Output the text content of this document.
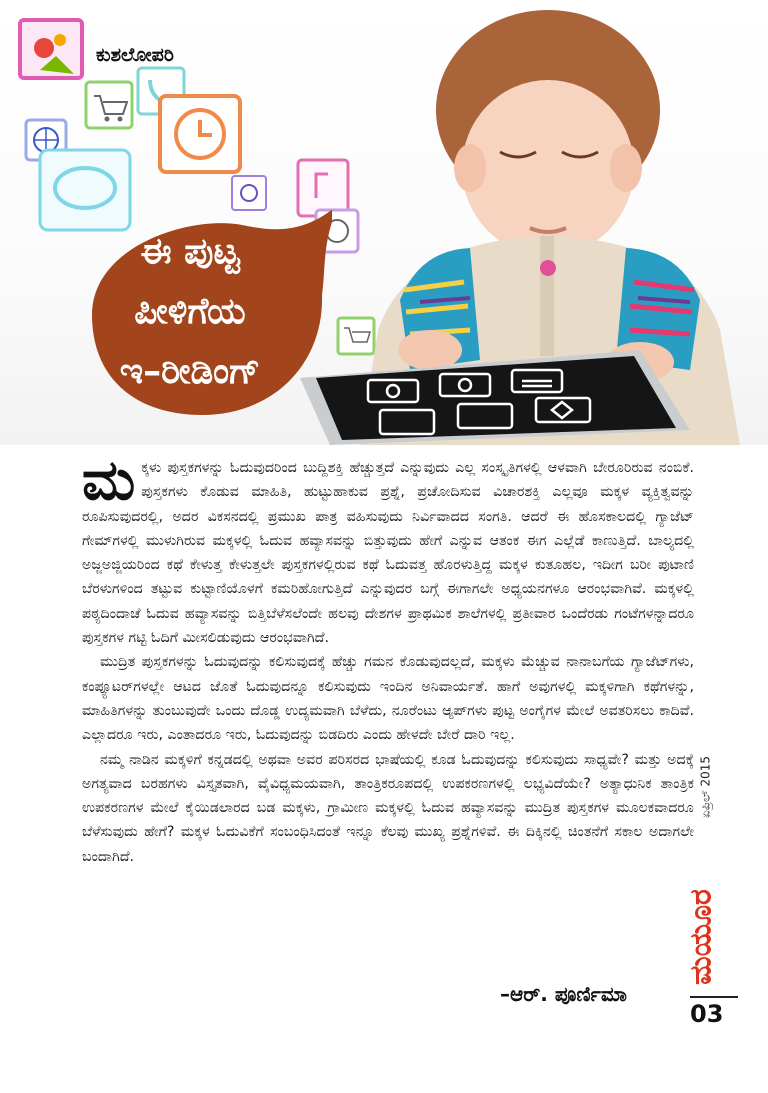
ಕುಶಲೋಪರಿ
ಈ ಪುಟ್ಟ
ಪೀಳಿಗೆಯ
ಇ–ರೀಡಿಂಗ್

ಮಕ್ಕಳು ಪುಸ್ತಕಗಳನ್ನು ಓದುವುದರಿಂದ ಬುದ್ದಿಶಕ್ತಿ ಹೆಚ್ಚುತ್ತದೆ ಎನ್ನುವುದು ಎಲ್ಲ ಸಂಸ್ಕೃತಿಗಳಲ್ಲಿ ಆಳವಾಗಿ ಬೇರೂರಿರುವ ನಂಬಿಕೆ. ಪುಸ್ತಕಗಳು ಕೊಡುವ ಮಾಹಿತಿ, ಹುಟ್ಟುಹಾಕುವ ಪ್ರಶ್ನೆ, ಪ್ರಚೋದಿಸುವ ವಿಚಾರಶಕ್ತಿ ಎಲ್ಲವೂ ಮಕ್ಕಳ ವ್ಯಕ್ತಿತ್ವವನ್ನು ರೂಪಿಸುವುದರಲ್ಲಿ, ಅದರ ವಿಕಸನದಲ್ಲಿ ಪ್ರಮುಖ ಪಾತ್ರ ವಹಿಸುವುದು ನಿರ್ವಿವಾದದ ಸಂಗತಿ. ಆದರೆ ಈ ಹೊಸಕಾಲದಲ್ಲಿ ಗ್ಯಾಜೆಟ್ ಗೇಮ್‌ಗಳಲ್ಲಿ ಮುಳುಗಿರುವ ಮಕ್ಕಳಲ್ಲಿ ಓದುವ ಹವ್ಯಾಸವನ್ನು ಬಿತ್ತುವುದು ಹೇಗೆ ಎನ್ನುವ ಆತಂಕ ಈಗ ಎಲ್ಲೆಡೆ ಕಾಣುತ್ತಿದೆ. ಬಾಲ್ಯದಲ್ಲಿ ಅಜ್ಜಅಜ್ಜಿಯರಿಂದ ಕಥೆ ಕೇಳುತ್ತ ಕೇಳುತ್ತಲೇ ಪುಸ್ತಕಗಳಲ್ಲಿರುವ ಕಥೆ ಓದುವತ್ತ ಹೊರಳುತ್ತಿದ್ದ ಮಕ್ಕಳ ಕುತೂಹಲ, ಇದೀಗ ಬರೀ ಪುಟಾಣಿ ಬೆರಳುಗಳಿಂದ ತಟ್ಟುವ ಕುಟ್ಟಾಣಿಯೊಳಗೆ ಕಮರಿಹೋಗುತ್ತಿದೆ ಎನ್ನುವುದರ ಬಗ್ಗೆ ಈಗಾಗಲೇ ಅಧ್ಯಯನಗಳೂ ಆರಂಭವಾಗಿವೆ. ಮಕ್ಕಳಲ್ಲಿ ಪಠ್ಯದಿಂದಾಚೆ ಓದುವ ಹವ್ಯಾಸವನ್ನು ಬಿತ್ತಿಬೆಳೆಸಲೆಂದೇ ಹಲವು ದೇಶಗಳ ಪ್ರಾಥಮಿಕ ಶಾಲೆಗಳಲ್ಲಿ ಪ್ರತೀವಾರ ಒಂದೆರಡು ಗಂಟೆಗಳನ್ನಾದರೂ ಪುಸ್ತಕಗಳ ಗಟ್ಟಿ ಓದಿಗೆ ಮೀಸಲಿಡುವುದು ಆರಂಭವಾಗಿದೆ.

ಮುದ್ರಿತ ಪುಸ್ತಕಗಳನ್ನು ಓದುವುದನ್ನು ಕಲಿಸುವುದಕ್ಕೆ ಹೆಚ್ಚು ಗಮನ ಕೊಡುವುದಲ್ಲದೆ, ಮಕ್ಕಳು ಮೆಚ್ಚುವ ನಾನಾಬಗೆಯ ಗ್ಯಾಜೆಟ್‌ಗಳು, ಕಂಪ್ಯೂಟರ್‌ಗಳಲ್ಲೇ ಆಟದ ಜೊತೆ ಓದುವುದನ್ನೂ ಕಲಿಸುವುದು ಇಂದಿನ ಅನಿವಾರ್ಯತೆ. ಹಾಗೆ ಅವುಗಳಲ್ಲಿ ಮಕ್ಕಳಿಗಾಗಿ ಕಥೆಗಳನ್ನು, ಮಾಹಿತಿಗಳನ್ನು ತುಂಬುವುದೇ ಒಂದು ದೊಡ್ಡ ಉದ್ಯಮವಾಗಿ ಬೆಳೆದು, ನೂರೆಂಟು ಆ್ಯಪ್‌ಗಳು ಪುಟ್ಟ ಅಂಗೈಗಳ ಮೇಲೆ ಅವತರಿಸಲು ಕಾದಿವೆ. ಎಲ್ಲಾದರೂ ಇರು, ಎಂತಾದರೂ ಇರು, ಓದುವುದನ್ನು ಬಿಡದಿರು ಎಂದು ಹೇಳದೇ ಬೇರೆ ದಾರಿ ಇಲ್ಲ.

ನಮ್ಮ ನಾಡಿನ ಮಕ್ಕಳಿಗೆ ಕನ್ನಡದಲ್ಲಿ ಅಥವಾ ಅವರ ಪರಿಸರದ ಭಾಷೆಯಲ್ಲಿ ಕೂಡ ಓದುವುದನ್ನು ಕಲಿಸುವುದು ಸಾಧ್ಯವೇ? ಮತ್ತು ಅದಕ್ಕೆ ಅಗತ್ಯವಾದ ಬರಹಗಳು ವಿಸ್ತೃತವಾಗಿ, ವೈವಿಧ್ಯಮಯವಾಗಿ, ತಾಂತ್ರಿಕರೂಪದಲ್ಲಿ ಉಪಕರಣಗಳಲ್ಲಿ ಲಭ್ಯವಿದೆಯೇ? ಅತ್ಯಾಧುನಿಕ ತಾಂತ್ರಿಕ ಉಪಕರಣಗಳ ಮೇಲೆ ಕೈಯಿಡಲಾರದ ಬಡ ಮಕ್ಕಳು, ಗ್ರಾಮೀಣ ಮಕ್ಕಳಲ್ಲಿ ಓದುವ ಹವ್ಯಾಸವನ್ನು ಮುದ್ರಿತ ಪುಸ್ತಕಗಳ ಮೂಲಕವಾದರೂ ಬೆಳೆಸುವುದು ಹೇಗೆ? ಮಕ್ಕಳ ಓದುವಿಕೆಗೆ ಸಂಬಂಧಿಸಿದಂತೆ ಇನ್ನೂ ಕೆಲವು ಮುಖ್ಯ ಪ್ರಶ್ನೆಗಳಿವೆ. ಈ ದಿಕ್ಕಿನಲ್ಲಿ ಚಿಂತನೆಗೆ ಸಕಾಲ ಅದಾಗಲೇ ಬಂದಾಗಿದೆ.

–ಆರ್. ಪೂರ್ಣಿಮಾ
ಏಪ್ರಿಲ್ 2015
ಮಯೂರ
03
